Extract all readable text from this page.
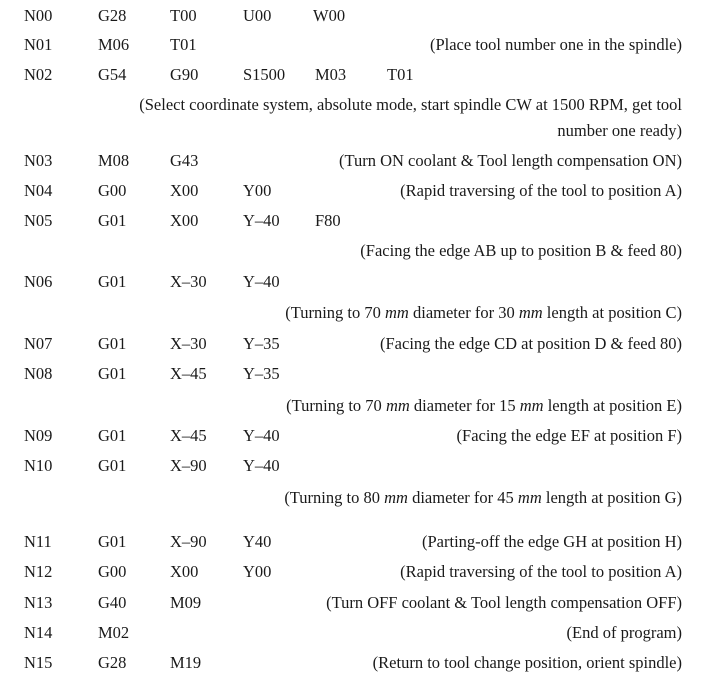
N00	G28	T00	U00	W00
N01	M06 T01	(Place tool number one in the spindle)
N02	G54	G90	S1500 M03 T01
(Select coordinate system, absolute mode, start spindle CW at 1500 RPM, get tool
number one ready)
N03	M08 G43	(Turn ON coolant & Tool length compensation ON)
N04	G00	X00	Y00	(Rapid traversing of the tool to position A)
N05	G01	X00	Y–40 F80
(Facing the edge AB up to position B & feed 80)
N06	G01	X–30 Y–40
(Turning to 70 mm diameter for 30 mm length at position C)
N07	G01	X–30 Y–35	(Facing the edge CD at position D & feed 80)
N08	G01	X–45 Y–35
(Turning to 70 mm diameter for 15 mm length at position E)
N09	G01	X–45 Y–40	(Facing the edge EF at position F)
N10	G01	X–90 Y–40
(Turning to 80 mm diameter for 45 mm length at position G)
N11	G01	X–90 Y40	(Parting-off the edge GH at position H)
N12	G00	X00	Y00	(Rapid traversing of the tool to position A)
N13	G40	M09	(Turn OFF coolant & Tool length compensation OFF)
N14	M02	(End of program)
N15	G28	M19	(Return to tool change position, orient spindle)
